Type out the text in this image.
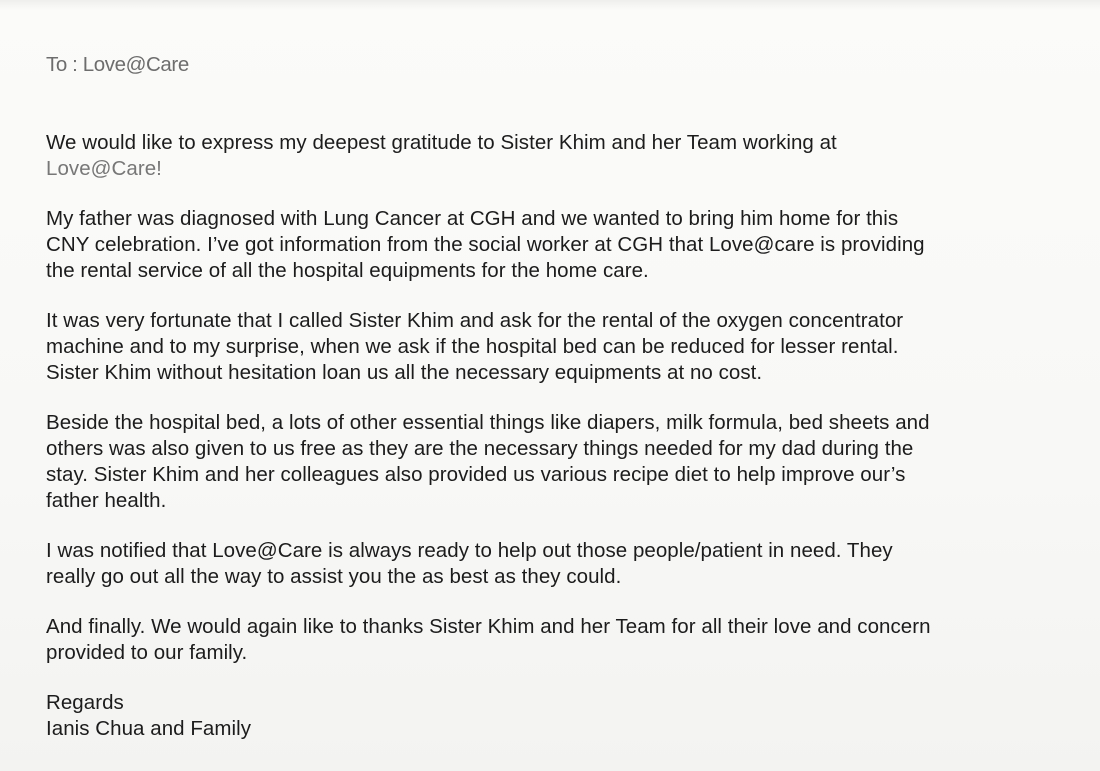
To : Love@Care
We would like to express my deepest gratitude to Sister Khim and her Team working at
Love@Care!
My father was diagnosed with Lung Cancer at CGH and we wanted to bring him home for this
CNY celebration. I’ve got information from the social worker at CGH that Love@care is providing
the rental service of all the hospital equipments for the home care.
It was very fortunate that I called Sister Khim and ask for the rental of the oxygen concentrator
machine and to my surprise, when we ask if the hospital bed can be reduced for lesser rental.
Sister Khim without hesitation loan us all the necessary equipments at no cost.
Beside the hospital bed, a lots of other essential things like diapers, milk formula, bed sheets and
others was also given to us free as they are the necessary things needed for my dad during the
stay. Sister Khim and her colleagues also provided us various recipe diet to help improve our’s
father health.
I was notified that Love@Care is always ready to help out those people/patient in need. They
really go out all the way to assist you the as best as they could.
And finally. We would again like to thanks Sister Khim and her Team for all their love and concern
provided to our family.
Regards
Ianis Chua and Family
